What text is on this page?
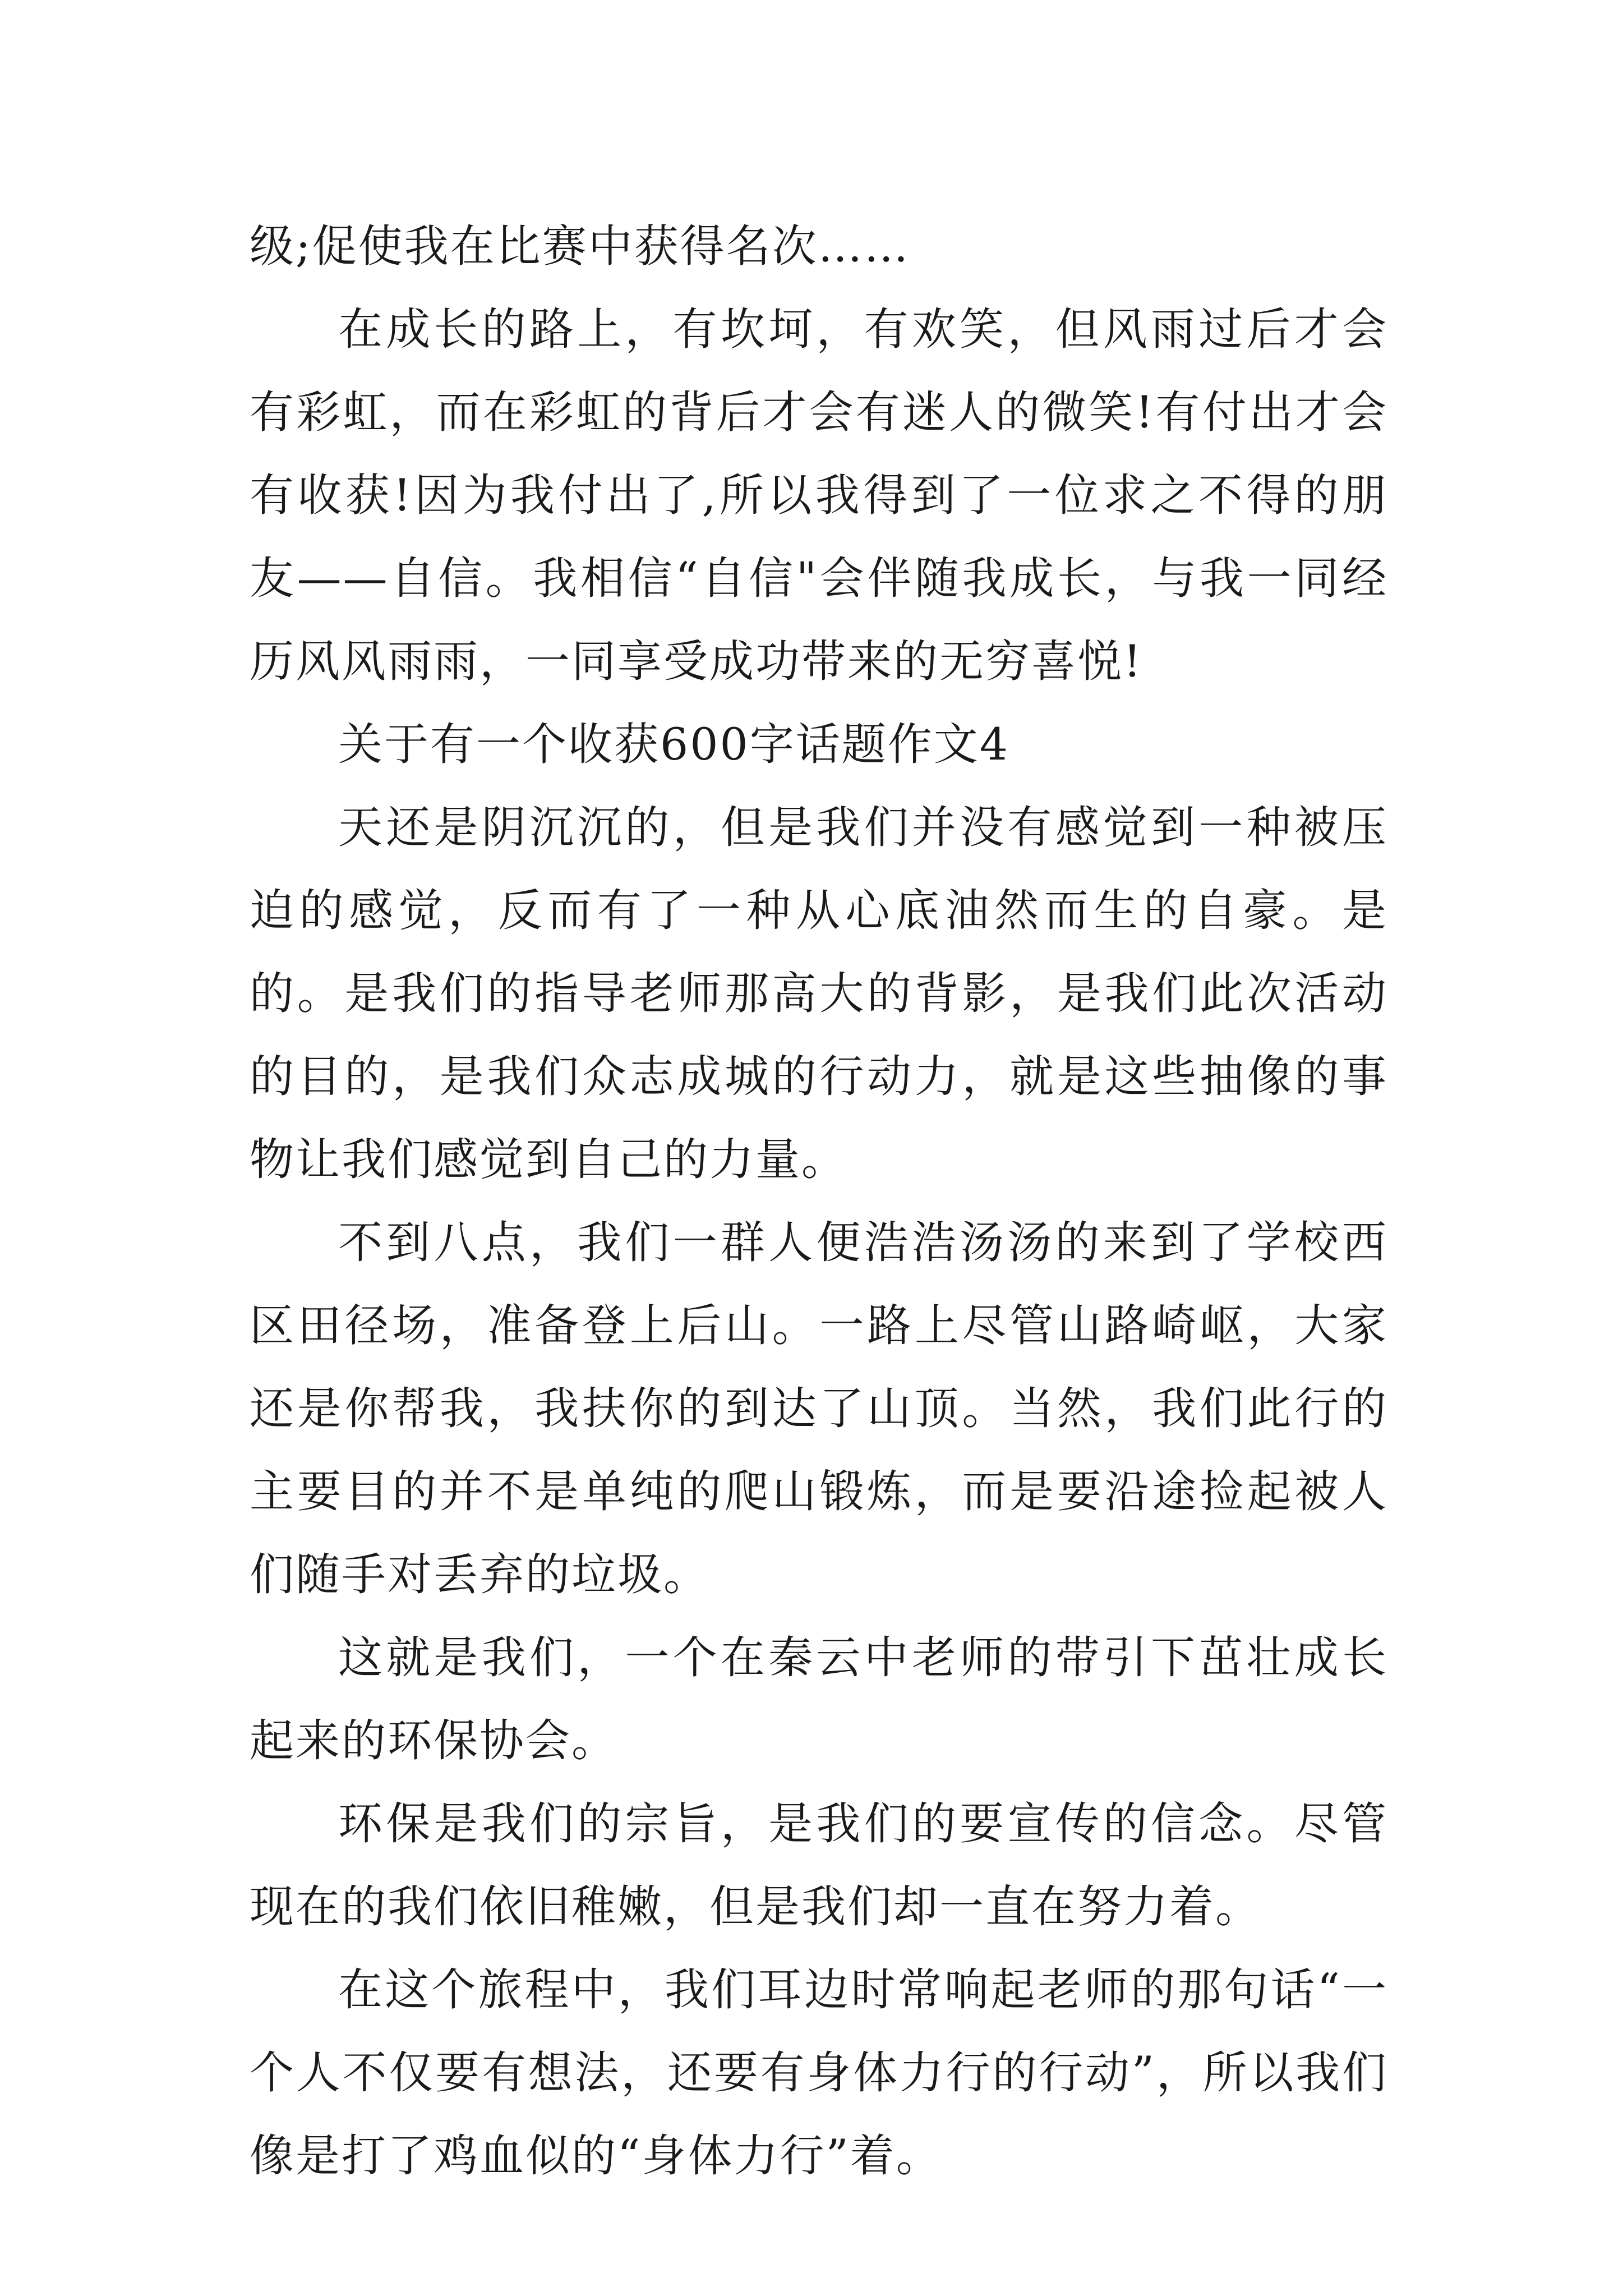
级;促使我在比赛中获得名次……

在成长的路上，有坎坷，有欢笑，但风雨过后才会有彩虹，而在彩虹的背后才会有迷人的微笑!有付出才会有收获!因为我付出了,所以我得到了一位求之不得的朋友——自信。我相信“自信"会伴随我成长，与我一同经历风风雨雨，一同享受成功带来的无穷喜悦!

关于有一个收获600字话题作文4

天还是阴沉沉的，但是我们并没有感觉到一种被压迫的感觉，反而有了一种从心底油然而生的自豪。是的。是我们的指导老师那高大的背影，是我们此次活动的目的，是我们众志成城的行动力，就是这些抽像的事物让我们感觉到自己的力量。

不到八点，我们一群人便浩浩汤汤的来到了学校西区田径场，准备登上后山。一路上尽管山路崎岖，大家还是你帮我，我扶你的到达了山顶。当然，我们此行的主要目的并不是单纯的爬山锻炼，而是要沿途捡起被人们随手对丢弃的垃圾。

这就是我们，一个在秦云中老师的带引下茁壮成长起来的环保协会。

环保是我们的宗旨，是我们的要宣传的信念。尽管现在的我们依旧稚嫩，但是我们却一直在努力着。

在这个旅程中，我们耳边时常响起老师的那句话“一个人不仅要有想法，还要有身体力行的行动”，所以我们像是打了鸡血似的“身体力行”着。
